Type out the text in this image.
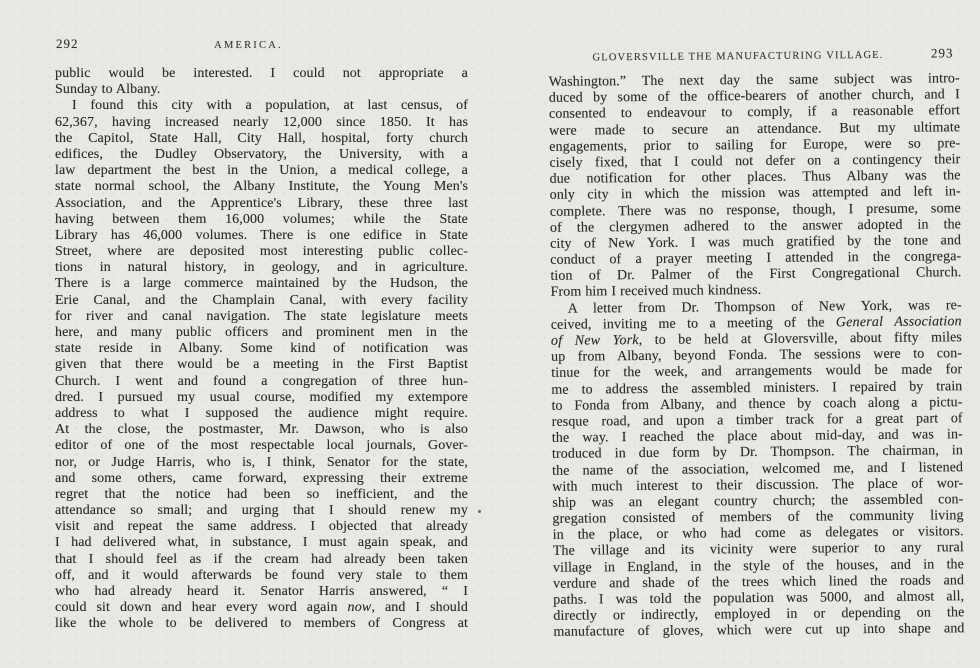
292	AMERICA.
public would be interested. I could not appropriate a
Sunday to Albany.
I found this city with a population, at last census, of
62,367, having increased nearly 12,000 since 1850. It has
the Capitol, State Hall, City Hall, hospital, forty church
edifices, the Dudley Observatory, the University, with a
law department the best in the Union, a medical college, a
state normal school, the Albany Institute, the Young Men's
Association, and the Apprentice's Library, these three last
having between them 16,000 volumes; while the State
Library has 46,000 volumes. There is one edifice in State
Street, where are deposited most interesting public collec-
tions in natural history, in geology, and in agriculture.
There is a large commerce maintained by the Hudson, the
Erie Canal, and the Champlain Canal, with every facility
for river and canal navigation. The state legislature meets
here, and many public officers and prominent men in the
state reside in Albany. Some kind of notification was
given that there would be a meeting in the First Baptist
Church. I went and found a congregation of three hun-
dred. I pursued my usual course, modified my extempore
address to what I supposed the audience might require.
At the close, the postmaster, Mr. Dawson, who is also
editor of one of the most respectable local journals, Gover-
nor, or Judge Harris, who is, I think, Senator for the state,
and some others, came forward, expressing their extreme
regret that the notice had been so inefficient, and the
attendance so small; and urging that I should renew my
visit and repeat the same address. I objected that already
I had delivered what, in substance, I must again speak, and
that I should feel as if the cream had already been taken
off, and it would afterwards be found very stale to them
who had already heard it. Senator Harris answered, “ I
could sit down and hear every word again now, and I should
like the whole to be delivered to members of Congress at
GLOVERSVILLE THE MANUFACTURING VILLAGE.	293
Washington.” The next day the same subject was intro-
duced by some of the office-bearers of another church, and I
consented to endeavour to comply, if a reasonable effort
were made to secure an attendance. But my ultimate
engagements, prior to sailing for Europe, were so pre-
cisely fixed, that I could not defer on a contingency their
due notification for other places. Thus Albany was the
only city in which the mission was attempted and left in-
complete. There was no response, though, I presume, some
of the clergymen adhered to the answer adopted in the
city of New York. I was much gratified by the tone and
conduct of a prayer meeting I attended in the congrega-
tion of Dr. Palmer of the First Congregational Church.
From him I received much kindness.
A letter from Dr. Thompson of New York, was re-
ceived, inviting me to a meeting of the General Association
of New York, to be held at Gloversville, about fifty miles
up from Albany, beyond Fonda. The sessions were to con-
tinue for the week, and arrangements would be made for
me to address the assembled ministers. I repaired by train
to Fonda from Albany, and thence by coach along a pictu-
resque road, and upon a timber track for a great part of
the way. I reached the place about mid-day, and was in-
troduced in due form by Dr. Thompson. The chairman, in
the name of the association, welcomed me, and I listened
with much interest to their discussion. The place of wor-
ship was an elegant country church; the assembled con-
gregation consisted of members of the community living
in the place, or who had come as delegates or visitors.
The village and its vicinity were superior to any rural
village in England, in the style of the houses, and in the
verdure and shade of the trees which lined the roads and
paths. I was told the population was 5000, and almost all,
directly or indirectly, employed in or depending on the
manufacture of gloves, which were cut up into shape and
